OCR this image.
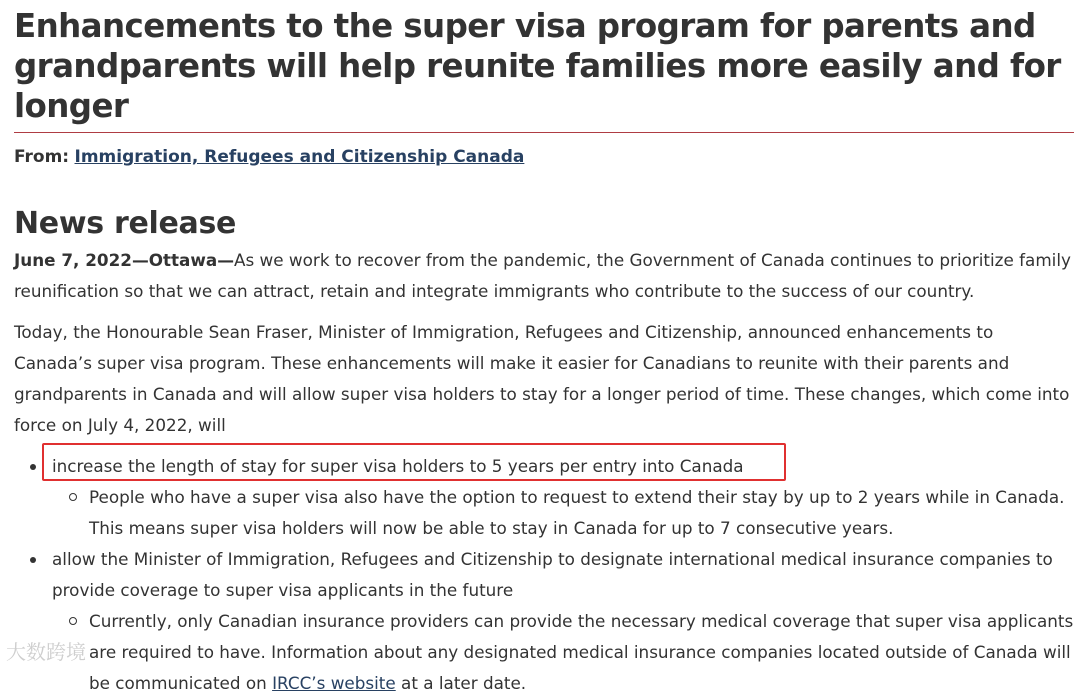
Enhancements to the super visa program for parents and grandparents will help reunite families more easily and for longer
From: Immigration, Refugees and Citizenship Canada
News release

June 7, 2022—Ottawa—As we work to recover from the pandemic, the Government of Canada continues to prioritize family reunification so that we can attract, retain and integrate immigrants who contribute to the success of our country.

Today, the Honourable Sean Fraser, Minister of Immigration, Refugees and Citizenship, announced enhancements to Canada’s super visa program. These enhancements will make it easier for Canadians to reunite with their parents and grandparents in Canada and will allow super visa holders to stay for a longer period of time. These changes, which come into force on July 4, 2022, will

increase the length of stay for super visa holders to 5 years per entry into Canada
People who have a super visa also have the option to request to extend their stay by up to 2 years while in Canada. This means super visa holders will now be able to stay in Canada for up to 7 consecutive years.
allow the Minister of Immigration, Refugees and Citizenship to designate international medical insurance companies to provide coverage to super visa applicants in the future
Currently, only Canadian insurance providers can provide the necessary medical coverage that super visa applicants are required to have. Information about any designated medical insurance companies located outside of Canada will be communicated on IRCC’s website at a later date.
大数跨境
